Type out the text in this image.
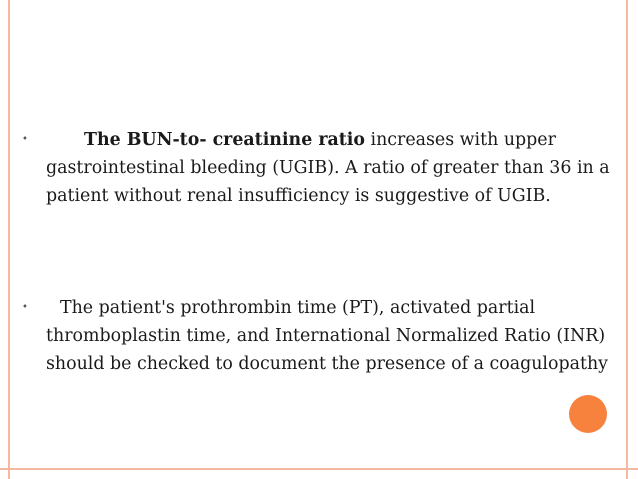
•	The BUN-to- creatinine ratio increases with upper gastrointestinal bleeding (UGIB). A ratio of greater than 36 in a patient without renal insufficiency is suggestive of UGIB.
•	The patient's prothrombin time (PT), activated partial thromboplastin time, and International Normalized Ratio (INR) should be checked to document the presence of a coagulopathy
